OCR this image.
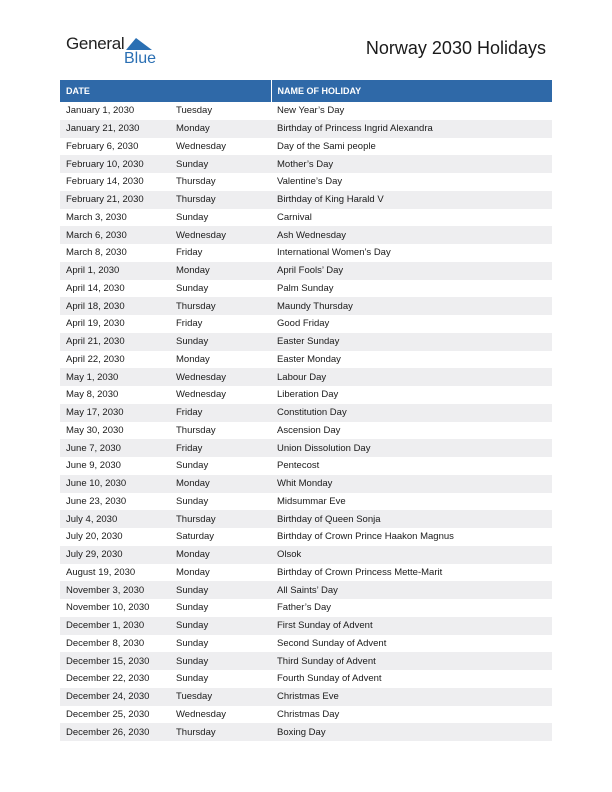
General
Blue
Norway 2030 Holidays
DATE		NAME OF HOLIDAY
January 1, 2030	Tuesday	New Year’s Day
January 21, 2030	Monday	Birthday of Princess Ingrid Alexandra
February 6, 2030	Wednesday	Day of the Sami people
February 10, 2030	Sunday	Mother’s Day
February 14, 2030	Thursday	Valentine’s Day
February 21, 2030	Thursday	Birthday of King Harald V
March 3, 2030	Sunday	Carnival
March 6, 2030	Wednesday	Ash Wednesday
March 8, 2030	Friday	International Women’s Day
April 1, 2030	Monday	April Fools’ Day
April 14, 2030	Sunday	Palm Sunday
April 18, 2030	Thursday	Maundy Thursday
April 19, 2030	Friday	Good Friday
April 21, 2030	Sunday	Easter Sunday
April 22, 2030	Monday	Easter Monday
May 1, 2030	Wednesday	Labour Day
May 8, 2030	Wednesday	Liberation Day
May 17, 2030	Friday	Constitution Day
May 30, 2030	Thursday	Ascension Day
June 7, 2030	Friday	Union Dissolution Day
June 9, 2030	Sunday	Pentecost
June 10, 2030	Monday	Whit Monday
June 23, 2030	Sunday	Midsummar Eve
July 4, 2030	Thursday	Birthday of Queen Sonja
July 20, 2030	Saturday	Birthday of Crown Prince Haakon Magnus
July 29, 2030	Monday	Olsok
August 19, 2030	Monday	Birthday of Crown Princess Mette-Marit
November 3, 2030	Sunday	All Saints’ Day
November 10, 2030	Sunday	Father’s Day
December 1, 2030	Sunday	First Sunday of Advent
December 8, 2030	Sunday	Second Sunday of Advent
December 15, 2030	Sunday	Third Sunday of Advent
December 22, 2030	Sunday	Fourth Sunday of Advent
December 24, 2030	Tuesday	Christmas Eve
December 25, 2030	Wednesday	Christmas Day
December 26, 2030	Thursday	Boxing Day
